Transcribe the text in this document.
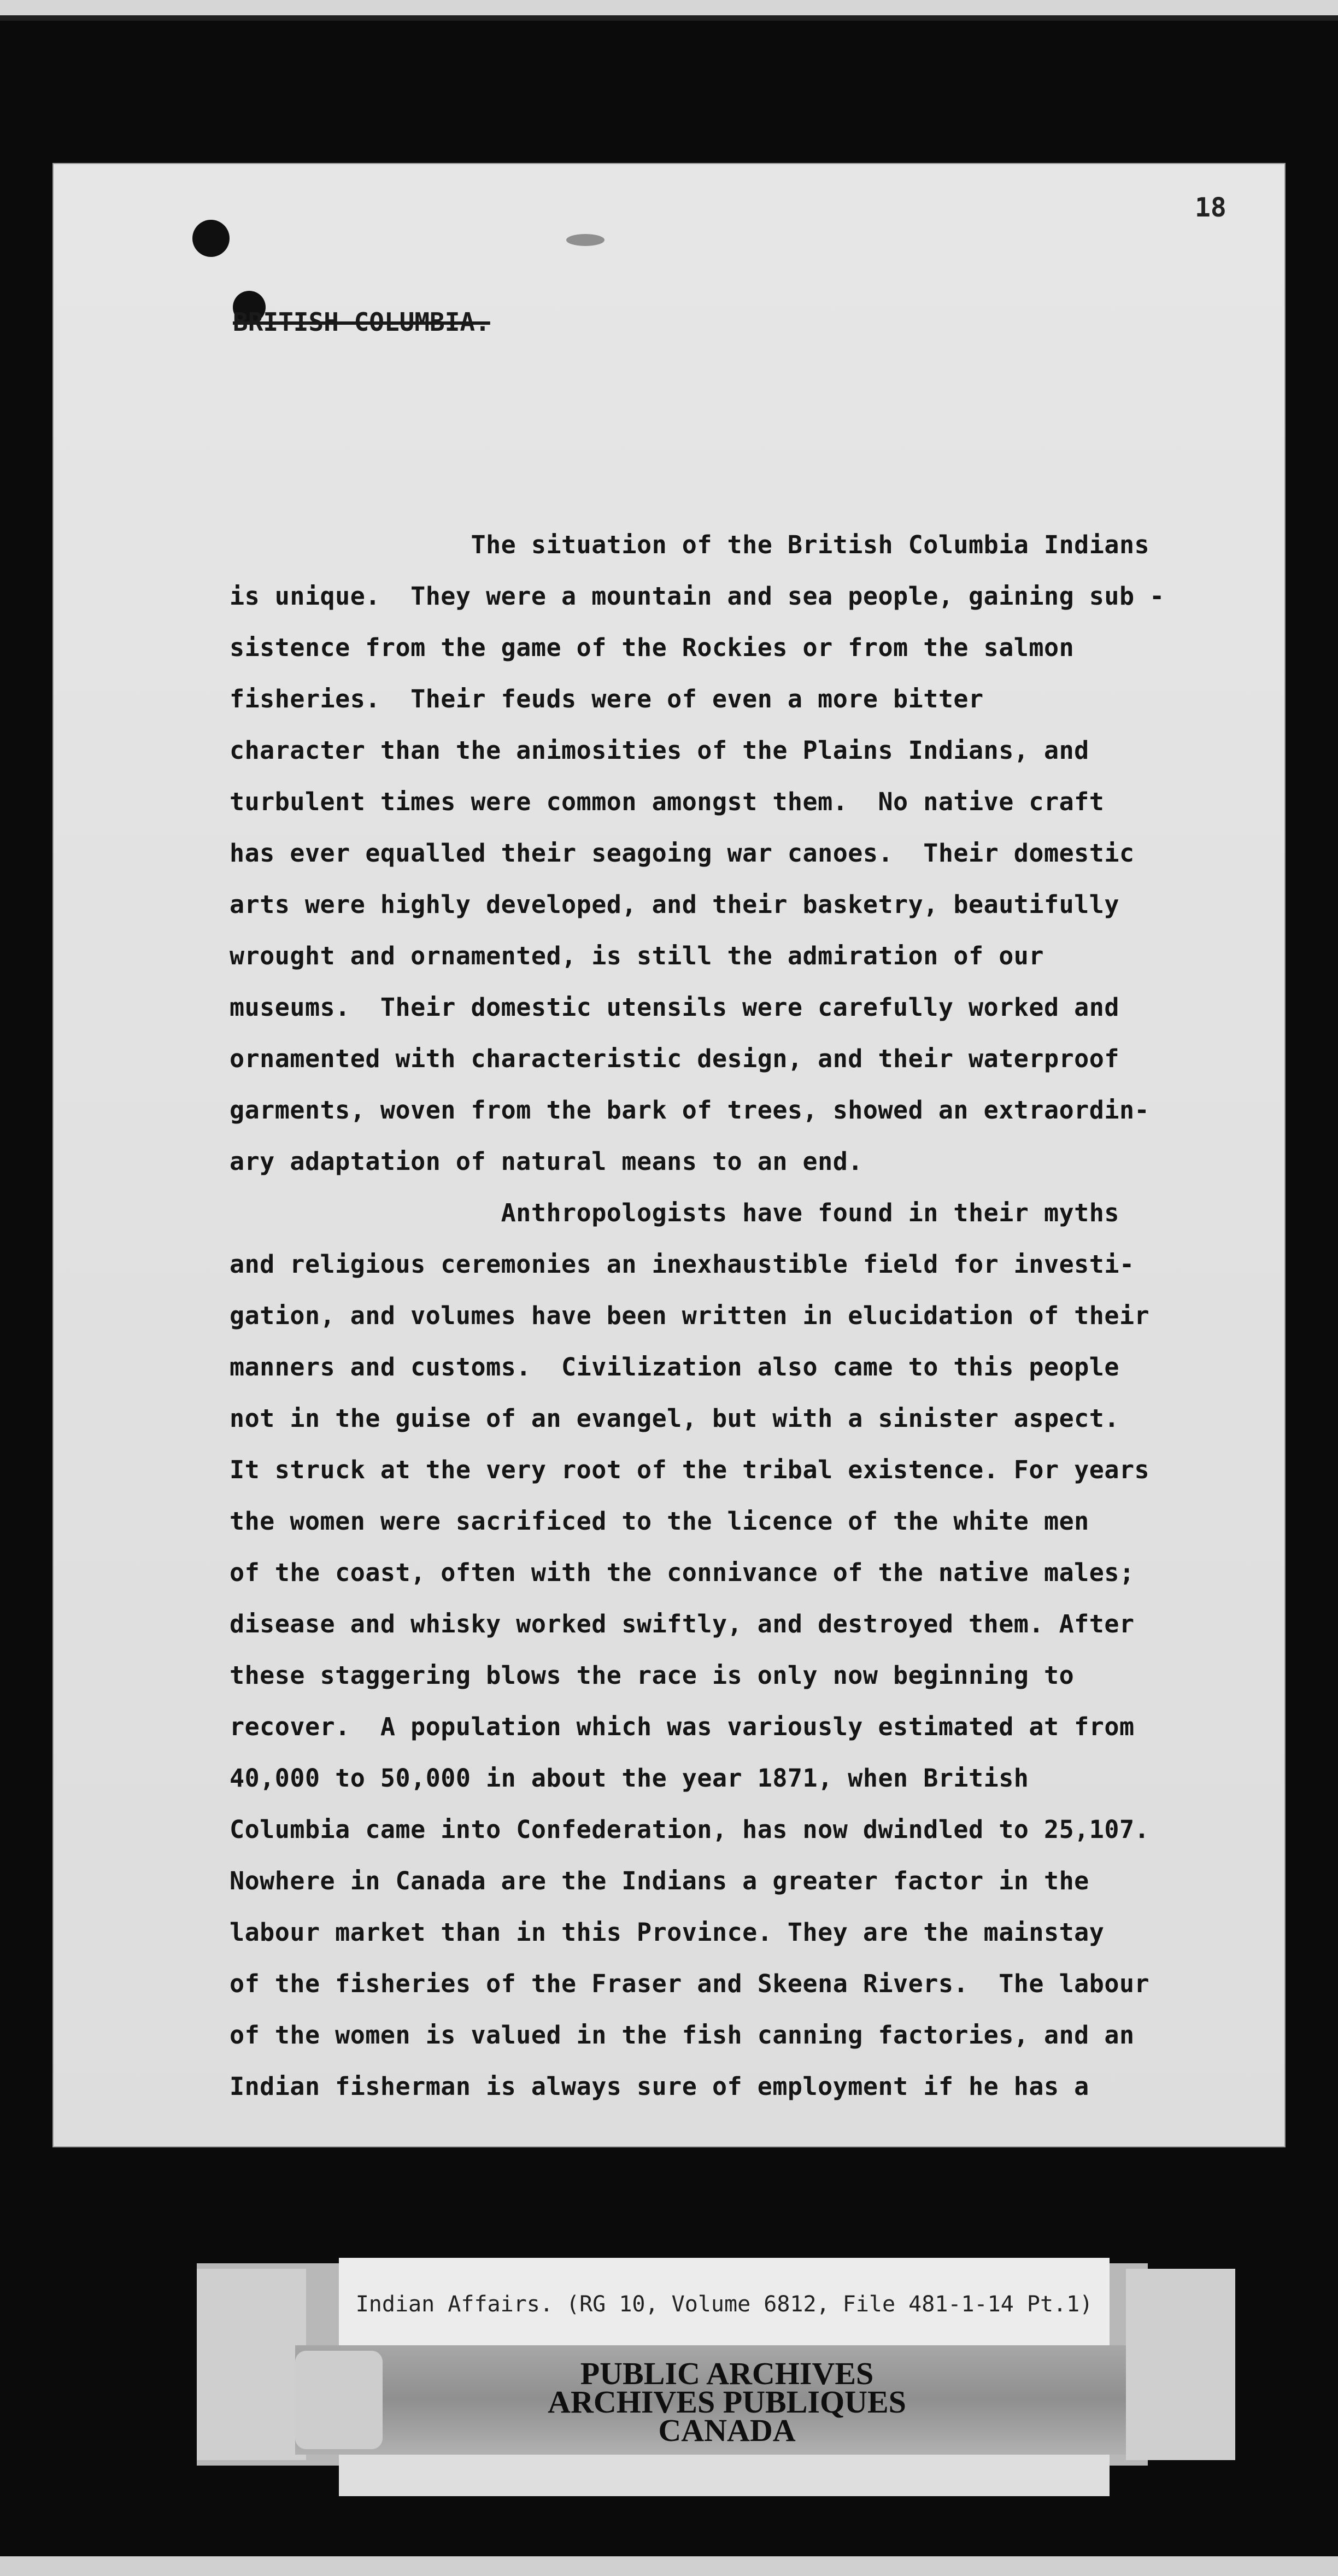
18
BRITISH COLUMBIA.
The situation of the British Columbia Indians
is unique.  They were a mountain and sea people, gaining sub -
sistence from the game of the Rockies or from the salmon
fisheries.  Their feuds were of even a more bitter
character than the animosities of the Plains Indians, and
turbulent times were common amongst them.  No native craft
has ever equalled their seagoing war canoes.  Their domestic
arts were highly developed, and their basketry, beautifully
wrought and ornamented, is still the admiration of our
museums.  Their domestic utensils were carefully worked and
ornamented with characteristic design, and their waterproof
garments, woven from the bark of trees, showed an extraordin-
ary adaptation of natural means to an end.
Anthropologists have found in their myths
and religious ceremonies an inexhaustible field for investi-
gation, and volumes have been written in elucidation of their
manners and customs.  Civilization also came to this people
not in the guise of an evangel, but with a sinister aspect.
It struck at the very root of the tribal existence. For years
the women were sacrificed to the licence of the white men
of the coast, often with the connivance of the native males;
disease and whisky worked swiftly, and destroyed them. After
these staggering blows the race is only now beginning to
recover.  A population which was variously estimated at from
40,000 to 50,000 in about the year 1871, when British
Columbia came into Confederation, has now dwindled to 25,107.
Nowhere in Canada are the Indians a greater factor in the
labour market than in this Province. They are the mainstay
of the fisheries of the Fraser and Skeena Rivers.  The labour
of the women is valued in the fish canning factories, and an
Indian fisherman is always sure of employment if he has a
Indian Affairs. (RG 10, Volume 6812, File 481-1-14 Pt.1)
PUBLIC ARCHIVES
ARCHIVES PUBLIQUES
CANADA
